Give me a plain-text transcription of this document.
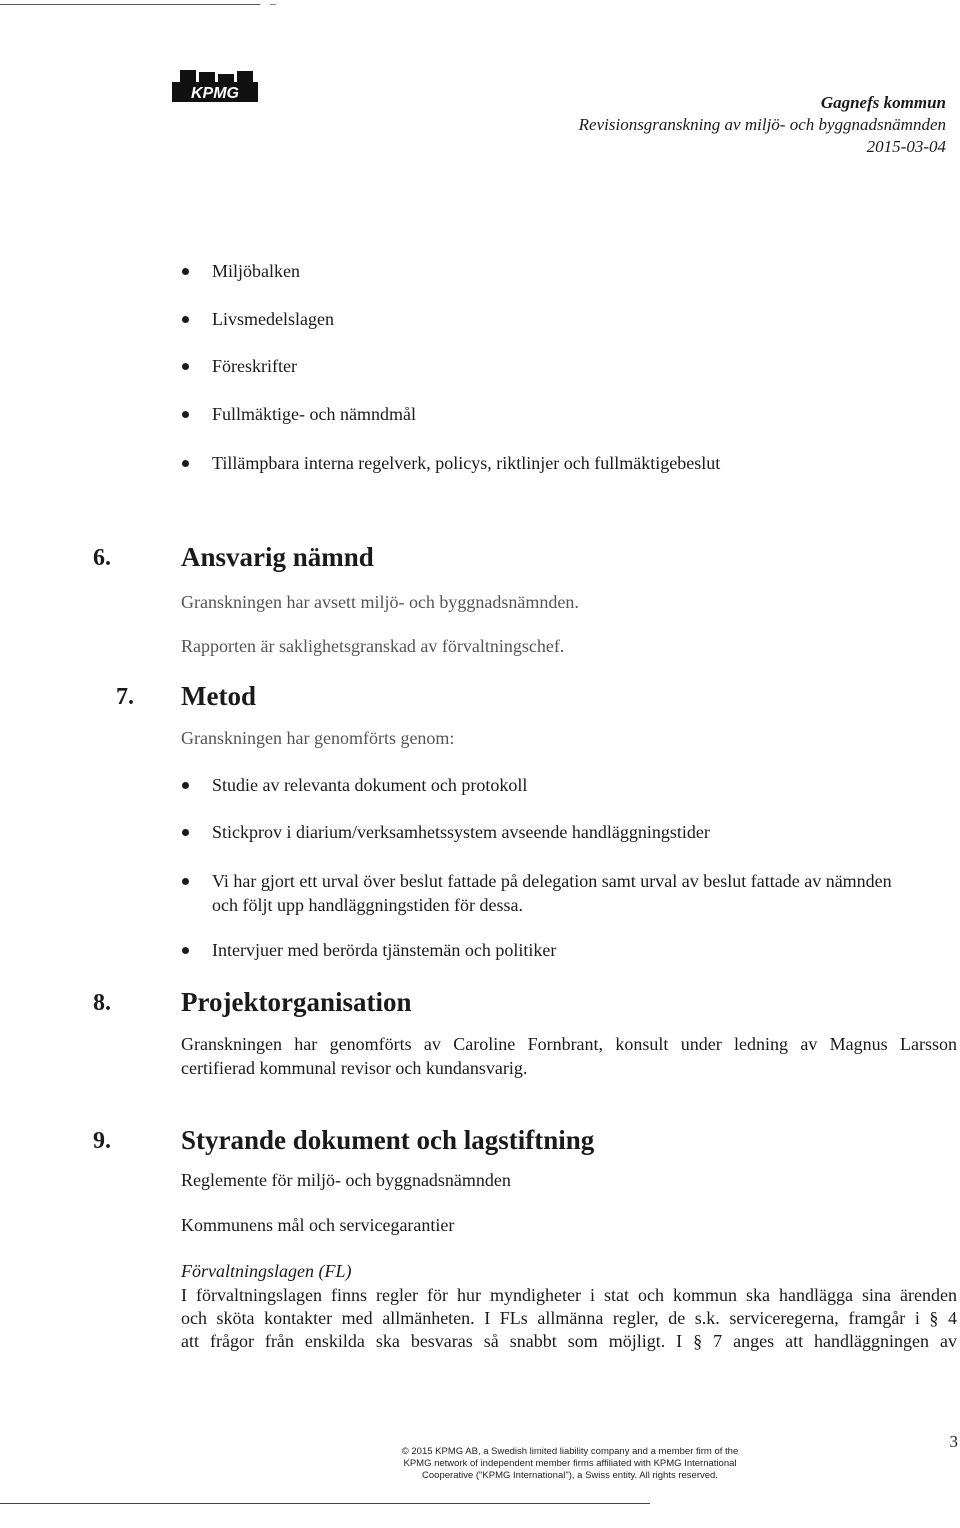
KPMG	Gagnefs kommun
Revisionsgranskning av miljö- och byggnadsnämnden
2015-03-04
Miljöbalken
Livsmedelslagen
Föreskrifter
Fullmäktige- och nämndmål
Tillämpbara interna regelverk, policys, riktlinjer och fullmäktigebeslut
6.	Ansvarig nämnd
Granskningen har avsett miljö- och byggnadsnämnden.
Rapporten är saklighetsgranskad av förvaltningschef.
7. Metod
Granskningen har genomförts genom:
Studie av relevanta dokument och protokoll
Stickprov i diarium/verksamhetssystem avseende handläggningstider
Vi har gjort ett urval över beslut fattade på delegation samt urval av beslut fattade av nämnden
och följt upp handläggningstiden för dessa.
Intervjuer med berörda tjänstemän och politiker
8.	Projektorganisation
Granskningen har genomförts av Caroline Fornbrant, konsult under ledning av Magnus Larsson
certifierad kommunal revisor och kundansvarig.
9.	Styrande dokument och lagstiftning
Reglemente för miljö- och byggnadsnämnden
Kommunens mål och servicegarantier
Förvaltningslagen (FL)
I förvaltningslagen finns regler för hur myndigheter i stat och kommun ska handlägga sina ärenden
och sköta kontakter med allmänheten. I FLs allmänna regler, de s.k. serviceregerna, framgår i § 4
att frågor från enskilda ska besvaras så snabbt som möjligt. I § 7 anges att handläggningen av
3
© 2015 KPMG AB, a Swedish limited liability company and a member firm of the
KPMG network of independent member firms affiliated with KPMG International
Cooperative ("KPMG International"), a Swiss entity. All rights reserved.
